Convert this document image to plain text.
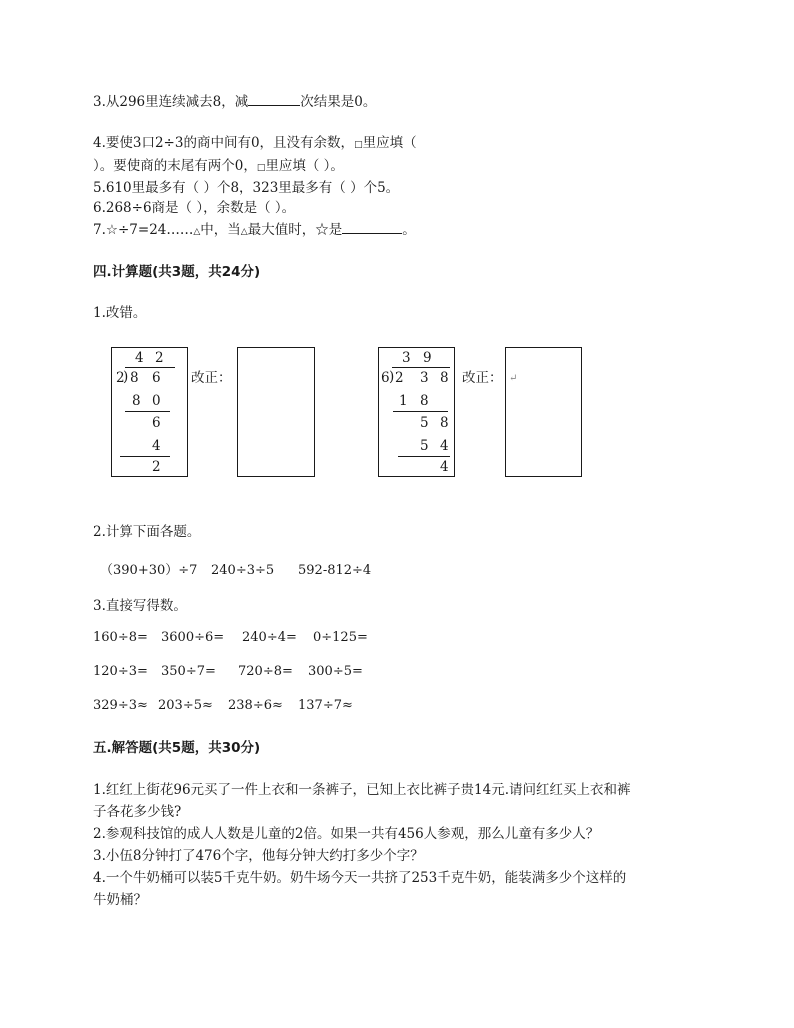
3.从296里连续减去8，减	次结果是0。
4.要使3口2÷3的商中间有0，且没有余数，□里应填（
）。要使商的末尾有两个0，□里应填（ ）。
5.610里最多有（ ）个8，323里最多有（ ）个5。
6.268÷6商是（ ），余数是（ ）。
7.☆÷7=24……△中，当△最大值时，☆是	。
四.计算题(共3题，共24分)
1.改错。
4 2
2
) 8 6
8 0
6
4
2
改正：
3 9
6 ) 2 3 8
1 8
5 8
5 4
4
改正： ↵
2.计算下面各题。
（390+30）÷7 240÷3÷5 592-812÷4
3.直接写得数。
160÷8= 3600÷6= 240÷4= 0÷125=
120÷3= 350÷7= 720÷8= 300÷5=
329÷3≈ 203÷5≈ 238÷6≈ 137÷7≈
五.解答题(共5题，共30分)
1.红红上街花96元买了一件上衣和一条裤子，已知上衣比裤子贵14元.请问红红买上衣和裤
子各花多少钱?
2.参观科技馆的成人人数是儿童的2倍。如果一共有456人参观，那么儿童有多少人？
3.小伍8分钟打了476个字，他每分钟大约打多少个字？
4.一个牛奶桶可以装5千克牛奶。奶牛场今天一共挤了253千克牛奶，能装满多少个这样的
牛奶桶？
